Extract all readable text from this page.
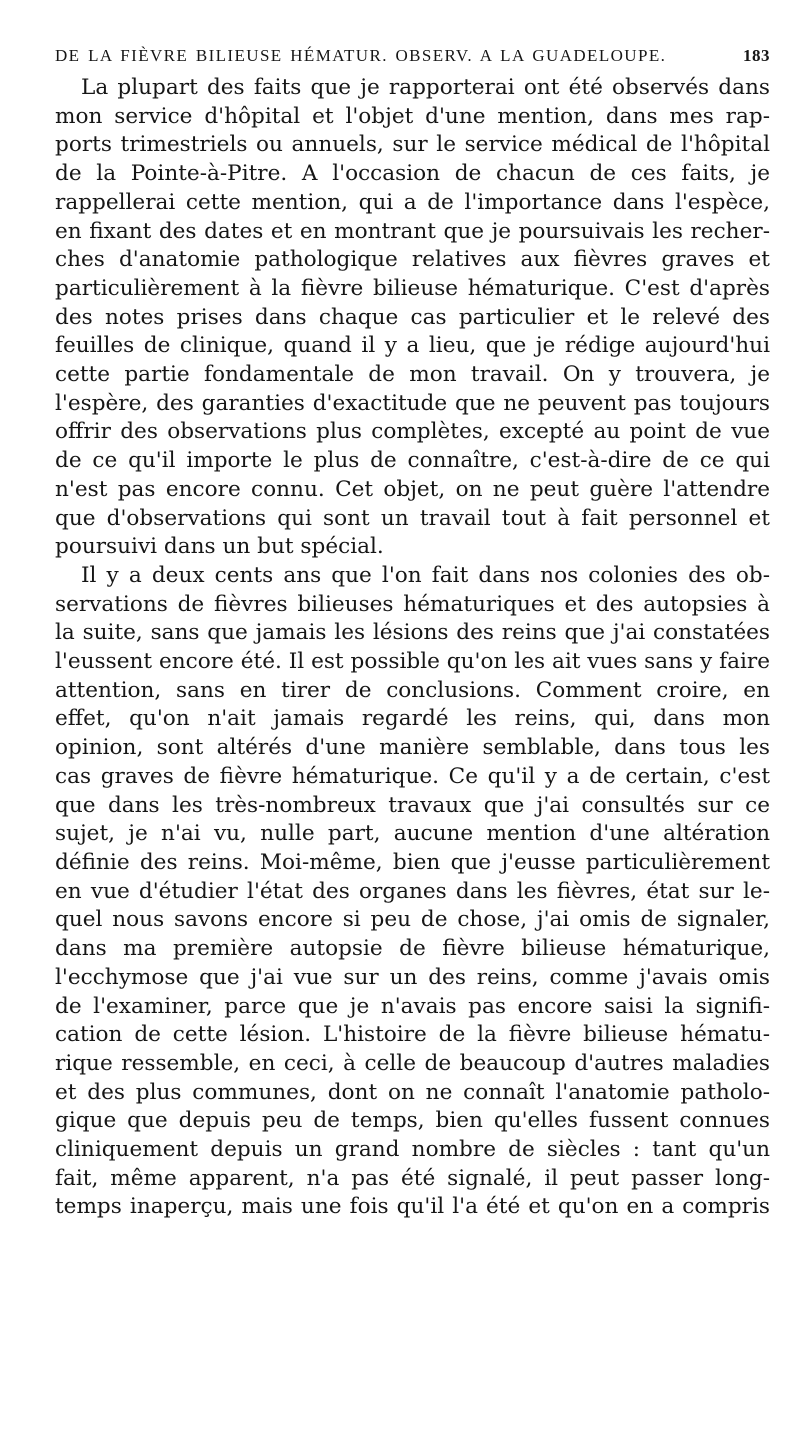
DE LA FIÈVRE BILIEUSE HÉMATUR. OBSERV. A LA GUADELOUPE.	183
La plupart des faits que je rapporterai ont été observés dans
mon service d'hôpital et l'objet d'une mention, dans mes rap-
ports trimestriels ou annuels, sur le service médical de l'hôpital
de la Pointe-à-Pitre. A l'occasion de chacun de ces faits, je
rappellerai cette mention, qui a de l'importance dans l'espèce,
en fixant des dates et en montrant que je poursuivais les recher-
ches d'anatomie pathologique relatives aux fièvres graves et
particulièrement à la fièvre bilieuse hématurique. C'est d'après
des notes prises dans chaque cas particulier et le relevé des
feuilles de clinique, quand il y a lieu, que je rédige aujourd'hui
cette partie fondamentale de mon travail. On y trouvera, je
l'espère, des garanties d'exactitude que ne peuvent pas toujours
offrir des observations plus complètes, excepté au point de vue
de ce qu'il importe le plus de connaître, c'est-à-dire de ce qui
n'est pas encore connu. Cet objet, on ne peut guère l'attendre
que d'observations qui sont un travail tout à fait personnel et
poursuivi dans un but spécial.
Il y a deux cents ans que l'on fait dans nos colonies des ob-
servations de fièvres bilieuses hématuriques et des autopsies à
la suite, sans que jamais les lésions des reins que j'ai constatées
l'eussent encore été. Il est possible qu'on les ait vues sans y faire
attention, sans en tirer de conclusions. Comment croire, en
effet, qu'on n'ait jamais regardé les reins, qui, dans mon
opinion, sont altérés d'une manière semblable, dans tous les
cas graves de fièvre hématurique. Ce qu'il y a de certain, c'est
que dans les très-nombreux travaux que j'ai consultés sur ce
sujet, je n'ai vu, nulle part, aucune mention d'une altération
définie des reins. Moi-même, bien que j'eusse particulièrement
en vue d'étudier l'état des organes dans les fièvres, état sur le-
quel nous savons encore si peu de chose, j'ai omis de signaler,
dans ma première autopsie de fièvre bilieuse hématurique,
l'ecchymose que j'ai vue sur un des reins, comme j'avais omis
de l'examiner, parce que je n'avais pas encore saisi la signifi-
cation de cette lésion. L'histoire de la fièvre bilieuse hématu-
rique ressemble, en ceci, à celle de beaucoup d'autres maladies
et des plus communes, dont on ne connaît l'anatomie patholo-
gique que depuis peu de temps, bien qu'elles fussent connues
cliniquement depuis un grand nombre de siècles : tant qu'un
fait, même apparent, n'a pas été signalé, il peut passer long-
temps inaperçu, mais une fois qu'il l'a été et qu'on en a compris
